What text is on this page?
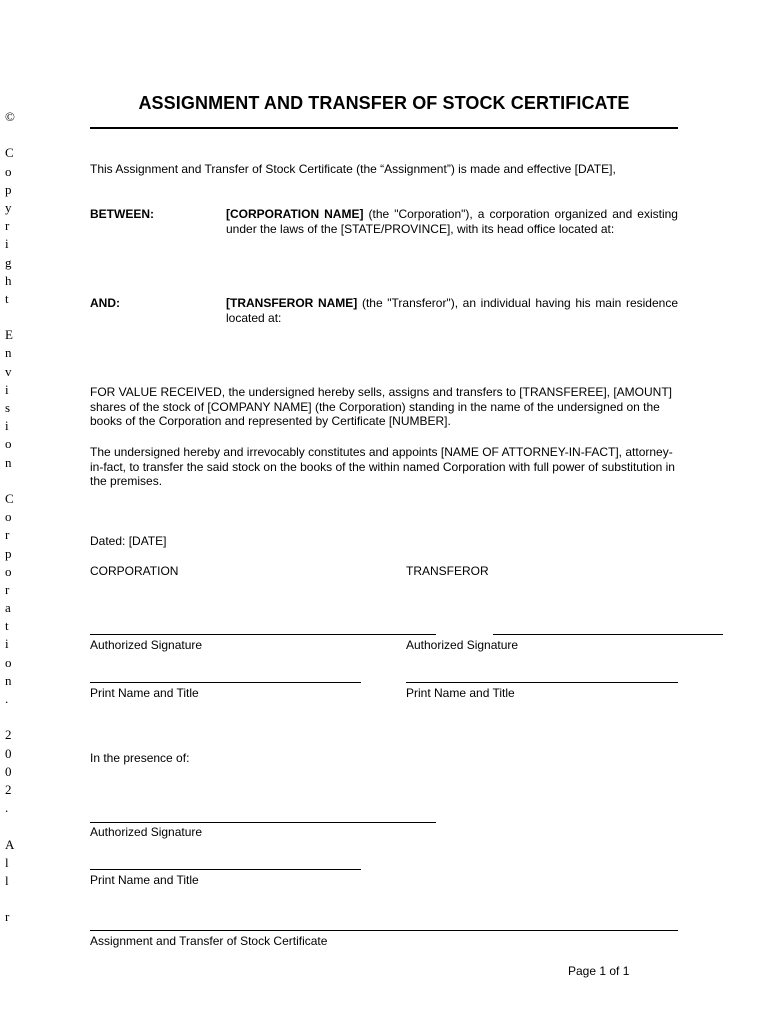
©
C
o
p
y
r
i
g
h
t
E
n
v
i
s
i
o
n
C
o
r
p
o
r
a
t
i
o
n
.
2
0
0
2
.
A
l
l
r
ASSIGNMENT AND TRANSFER OF STOCK CERTIFICATE
This Assignment and Transfer of Stock Certificate (the “Assignment”) is made and effective [DATE],
BETWEEN:	[CORPORATION NAME] (the "Corporation"), a corporation organized and existing under the laws of the [STATE/PROVINCE], with its head office located at:
AND:	[TRANSFEROR NAME] (the "Transferor"), an individual having his main residence located at:
FOR VALUE RECEIVED, the undersigned hereby sells, assigns and transfers to [TRANSFEREE], [AMOUNT] shares of the stock of [COMPANY NAME] (the Corporation) standing in the name of the undersigned on the books of the Corporation and represented by Certificate [NUMBER].
The undersigned hereby and irrevocably constitutes and appoints [NAME OF ATTORNEY-IN-FACT], attorney-in-fact, to transfer the said stock on the books of the within named Corporation with full power of substitution in the premises.
Dated: [DATE]
CORPORATION	TRANSFEROR
Authorized Signature	Authorized Signature
Print Name and Title	Print Name and Title
In the presence of:
Authorized Signature
Print Name and Title
Assignment and Transfer of Stock Certificate
Page 1 of 1
